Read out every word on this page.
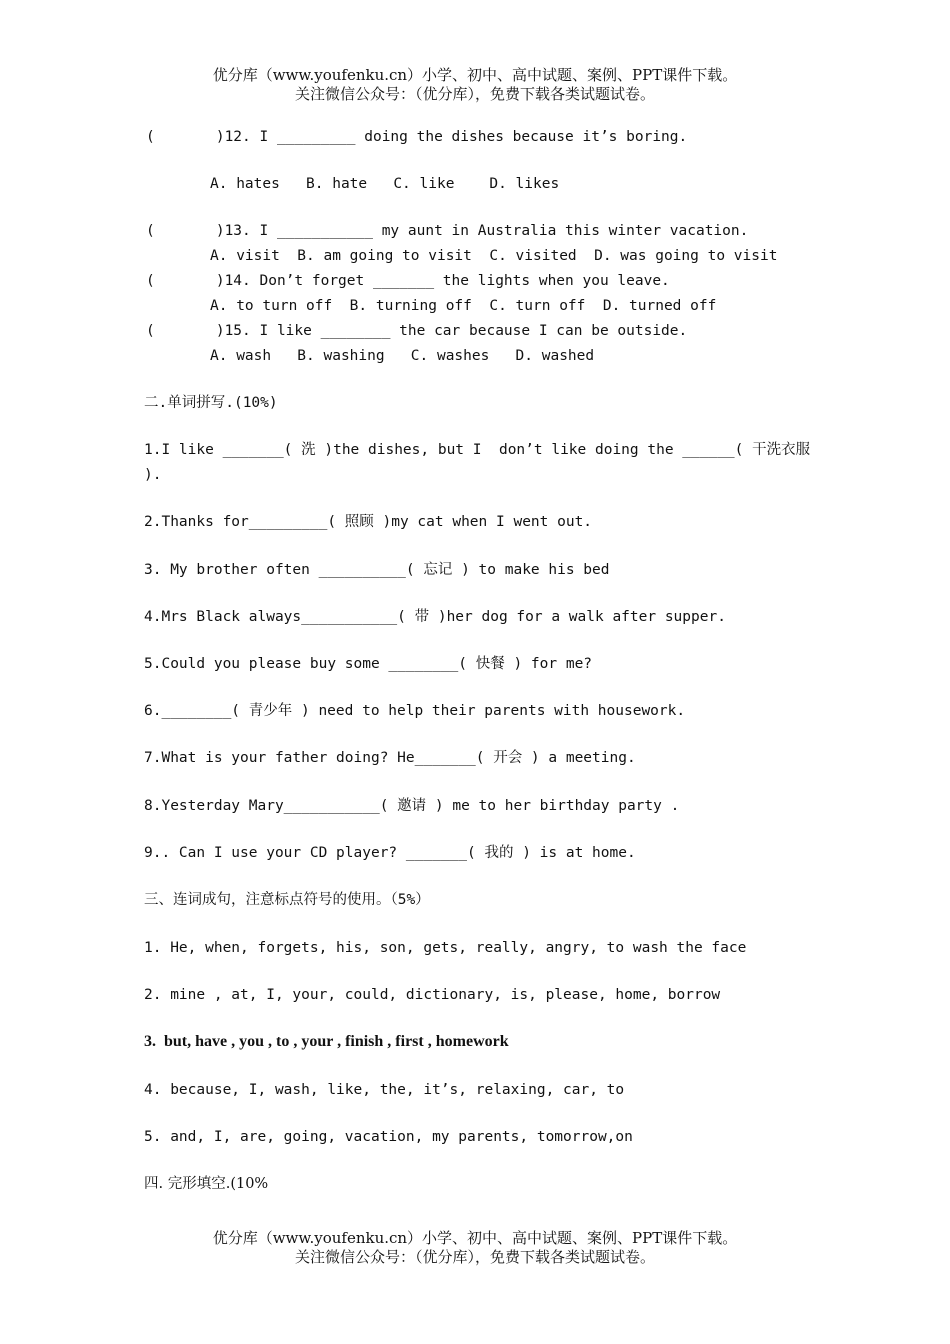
优分库（www.youfenku.cn）小学、初中、高中试题、案例、PPT课件下载。
关注微信公众号：（优分库），免费下载各类试题试卷。
(       )12. I _________ doing the dishes because it’s boring.
A. hates   B. hate   C. like    D. likes
(       )13. I ___________ my aunt in Australia this winter vacation.
A. visit  B. am going to visit  C. visited  D. was going to visit
(       )14. Don’t forget _______ the lights when you leave.
A. to turn off  B. turning off  C. turn off  D. turned off
(       )15. I like ________ the car because I can be outside.
A. wash   B. washing   C. washes   D. washed
二.单词拼写.(10%)
1.I like _______( 洗 )the dishes, but I  don’t like doing the ______( 干洗衣服
).
2.Thanks for_________( 照顾 )my cat when I went out.
3. My brother often __________( 忘记 ) to make his bed
4.Mrs Black always___________( 带 )her dog for a walk after supper.
5.Could you please buy some ________( 快餐 ) for me?
6.________( 青少年 ) need to help their parents with housework.
7.What is your father doing? He_______( 开会 ) a meeting.
8.Yesterday Mary___________( 邀请 ) me to her birthday party .
9.. Can I use your CD player? _______( 我的 ) is at home.
三、连词成句，注意标点符号的使用。（5%）
1. He, when, forgets, his, son, gets, really, angry, to wash the face
2. mine , at, I, your, could, dictionary, is, please, home, borrow
3.  but, have , you , to , your , finish , first , homework
4. because, I, wash, like, the, it’s, relaxing, car, to
5. and, I, are, going, vacation, my parents, tomorrow,on
四. 完形填空.(10%
优分库（www.youfenku.cn）小学、初中、高中试题、案例、PPT课件下载。
关注微信公众号：（优分库），免费下载各类试题试卷。
